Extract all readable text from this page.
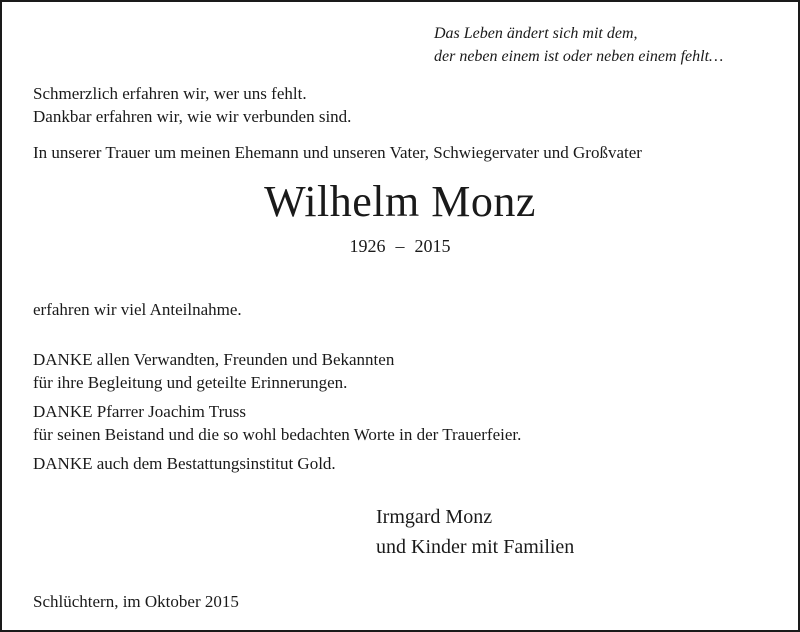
Das Leben ändert sich mit dem,
der neben einem ist oder neben einem fehlt…
Schmerzlich erfahren wir, wer uns fehlt.
Dankbar erfahren wir, wie wir verbunden sind.
In unserer Trauer um meinen Ehemann und unseren Vater, Schwiegervater und Großvater
Wilhelm Monz
1926 – 2015
erfahren wir viel Anteilnahme.
DANKE allen Verwandten, Freunden und Bekannten
für ihre Begleitung und geteilte Erinnerungen.
DANKE Pfarrer Joachim Truss
für seinen Beistand und die so wohl bedachten Worte in der Trauerfeier.
DANKE auch dem Bestattungsinstitut Gold.
Irmgard Monz
und Kinder mit Familien
Schlüchtern, im Oktober 2015
